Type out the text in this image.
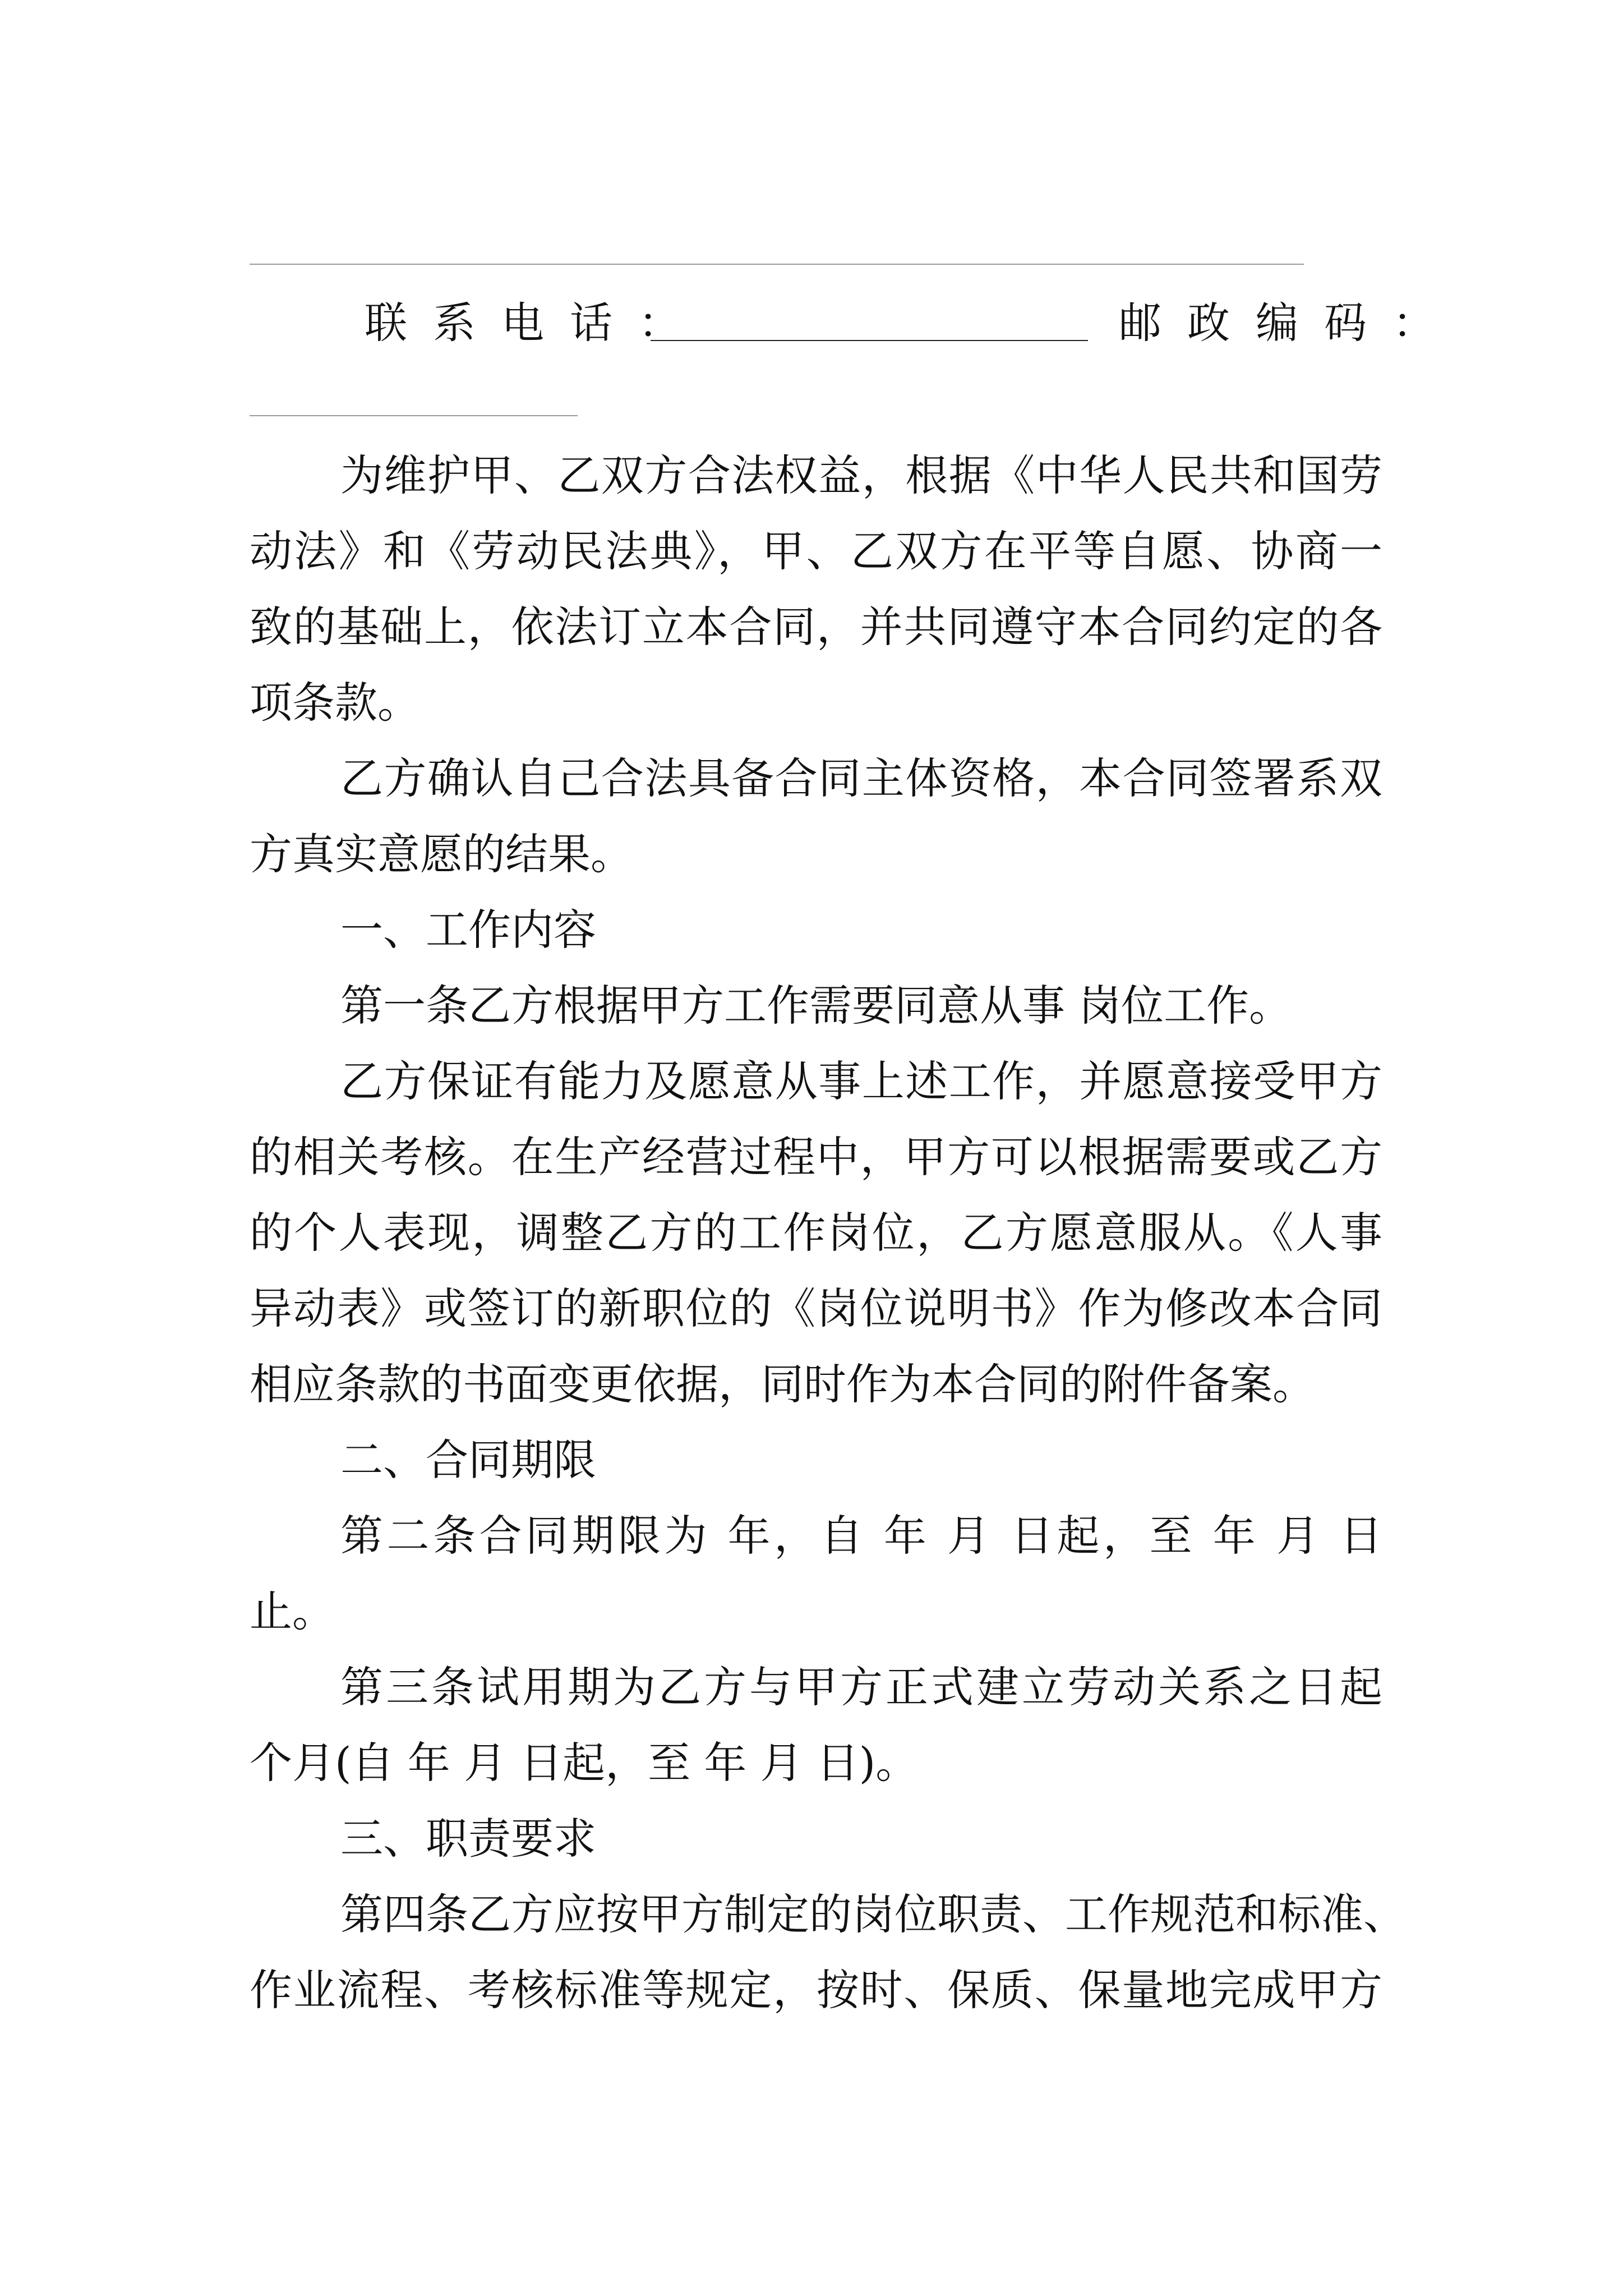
联系电话：	邮政编码：
为维护甲、乙双方合法权益，根据《中华人民共和国劳
动法》和《劳动民法典》，甲、乙双方在平等自愿、协商一
致的基础上，依法订立本合同，并共同遵守本合同约定的各
项条款。
乙方确认自己合法具备合同主体资格，本合同签署系双
方真实意愿的结果。
一、工作内容
第一条乙方根据甲方工作需要同意从事 岗位工作。
乙方保证有能力及愿意从事上述工作，并愿意接受甲方
的相关考核。在生产经营过程中，甲方可以根据需要或乙方
的个人表现，调整乙方的工作岗位，乙方愿意服从。《人事
异动表》或签订的新职位的《岗位说明书》作为修改本合同
相应条款的书面变更依据，同时作为本合同的附件备案。
二、合同期限
第二条合同期限为 年，自 年 月 日起，至 年 月 日
止。
第三条试用期为乙方与甲方正式建立劳动关系之日起
个月(自 年 月 日起，至 年 月 日)。
三、职责要求
第四条乙方应按甲方制定的岗位职责、工作规范和标准、
作业流程、考核标准等规定，按时、保质、保量地完成甲方
